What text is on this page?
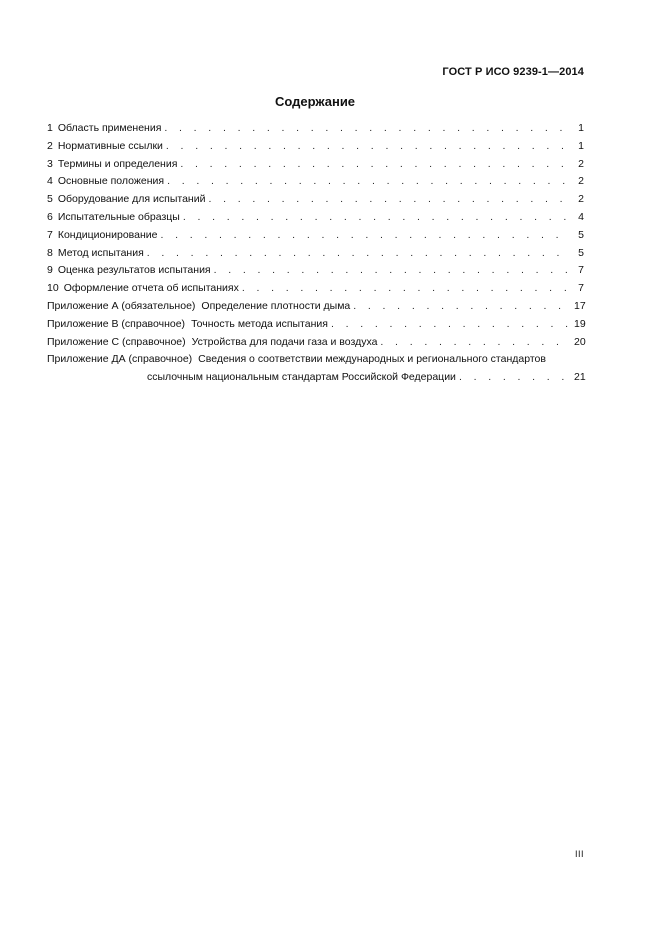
ГОСТ Р ИСО 9239-1—2014
Содержание
1 Область применения . . .	1
2 Нормативные ссылки . . .	1
3 Термины и определения . . .	2
4 Основные положения . . .	2
5 Оборудование для испытаний . . .	2
6 Испытательные образцы . . .	4
7 Кондиционирование . . .	5
8 Метод испытания . . .	5
9 Оценка результатов испытания . . .	7
10 Оформление отчета об испытаниях . . .	7
Приложение А (обязательное) Определение плотности дыма . . .	17
Приложение В (справочное) Точность метода испытания . . .	19
Приложение С (справочное) Устройства для подачи газа и воздуха . . .	20
Приложение ДА (справочное) Сведения о соответствии международных и регионального стандартов
ссылочным национальным стандартам Российской Федерации . . .	21
III
